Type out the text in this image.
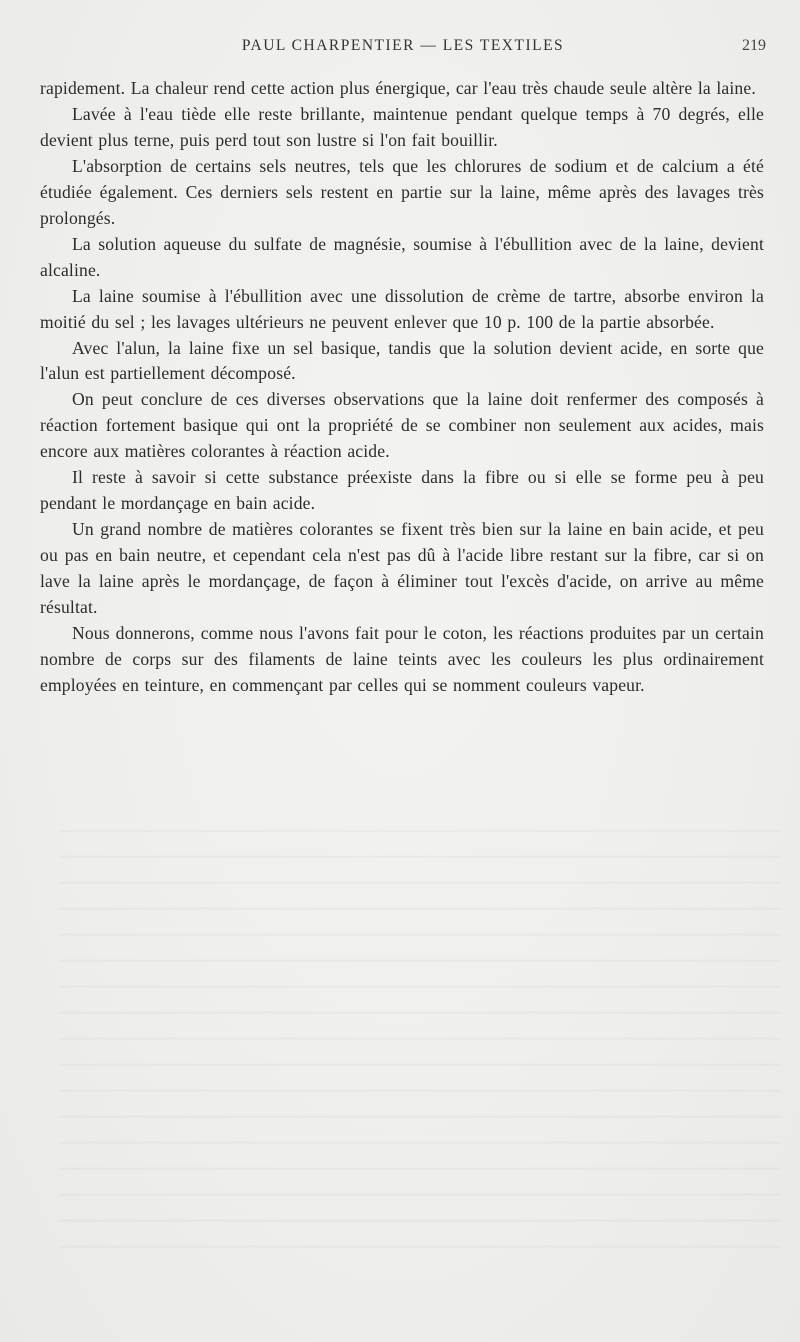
PAUL CHARPENTIER — LES TEXTILES	219

rapidement. La chaleur rend cette action plus énergique, car l'eau très chaude seule altère la laine.

Lavée à l'eau tiède elle reste brillante, maintenue pendant quelque temps à 70 degrés, elle devient plus terne, puis perd tout son lustre si l'on fait bouillir.

L'absorption de certains sels neutres, tels que les chlorures de sodium et de calcium a été étudiée également. Ces derniers sels restent en partie sur la laine, même après des lavages très prolongés.

La solution aqueuse du sulfate de magnésie, soumise à l'ébullition avec de la laine, devient alcaline.

La laine soumise à l'ébullition avec une dissolution de crème de tartre, absorbe environ la moitié du sel ; les lavages ultérieurs ne peuvent enlever que 10 p. 100 de la partie absorbée.

Avec l'alun, la laine fixe un sel basique, tandis que la solution devient acide, en sorte que l'alun est partiellement décomposé.

On peut conclure de ces diverses observations que la laine doit renfermer des composés à réaction fortement basique qui ont la propriété de se combiner non seulement aux acides, mais encore aux matières colorantes à réaction acide.

Il reste à savoir si cette substance préexiste dans la fibre ou si elle se forme peu à peu pendant le mordançage en bain acide.

Un grand nombre de matières colorantes se fixent très bien sur la laine en bain acide, et peu ou pas en bain neutre, et cependant cela n'est pas dû à l'acide libre restant sur la fibre, car si on lave la laine après le mordançage, de façon à éliminer tout l'excès d'acide, on arrive au même résultat.

Nous donnerons, comme nous l'avons fait pour le coton, les réactions produites par un certain nombre de corps sur des filaments de laine teints avec les couleurs les plus ordinairement employées en teinture, en commençant par celles qui se nomment couleurs vapeur.
